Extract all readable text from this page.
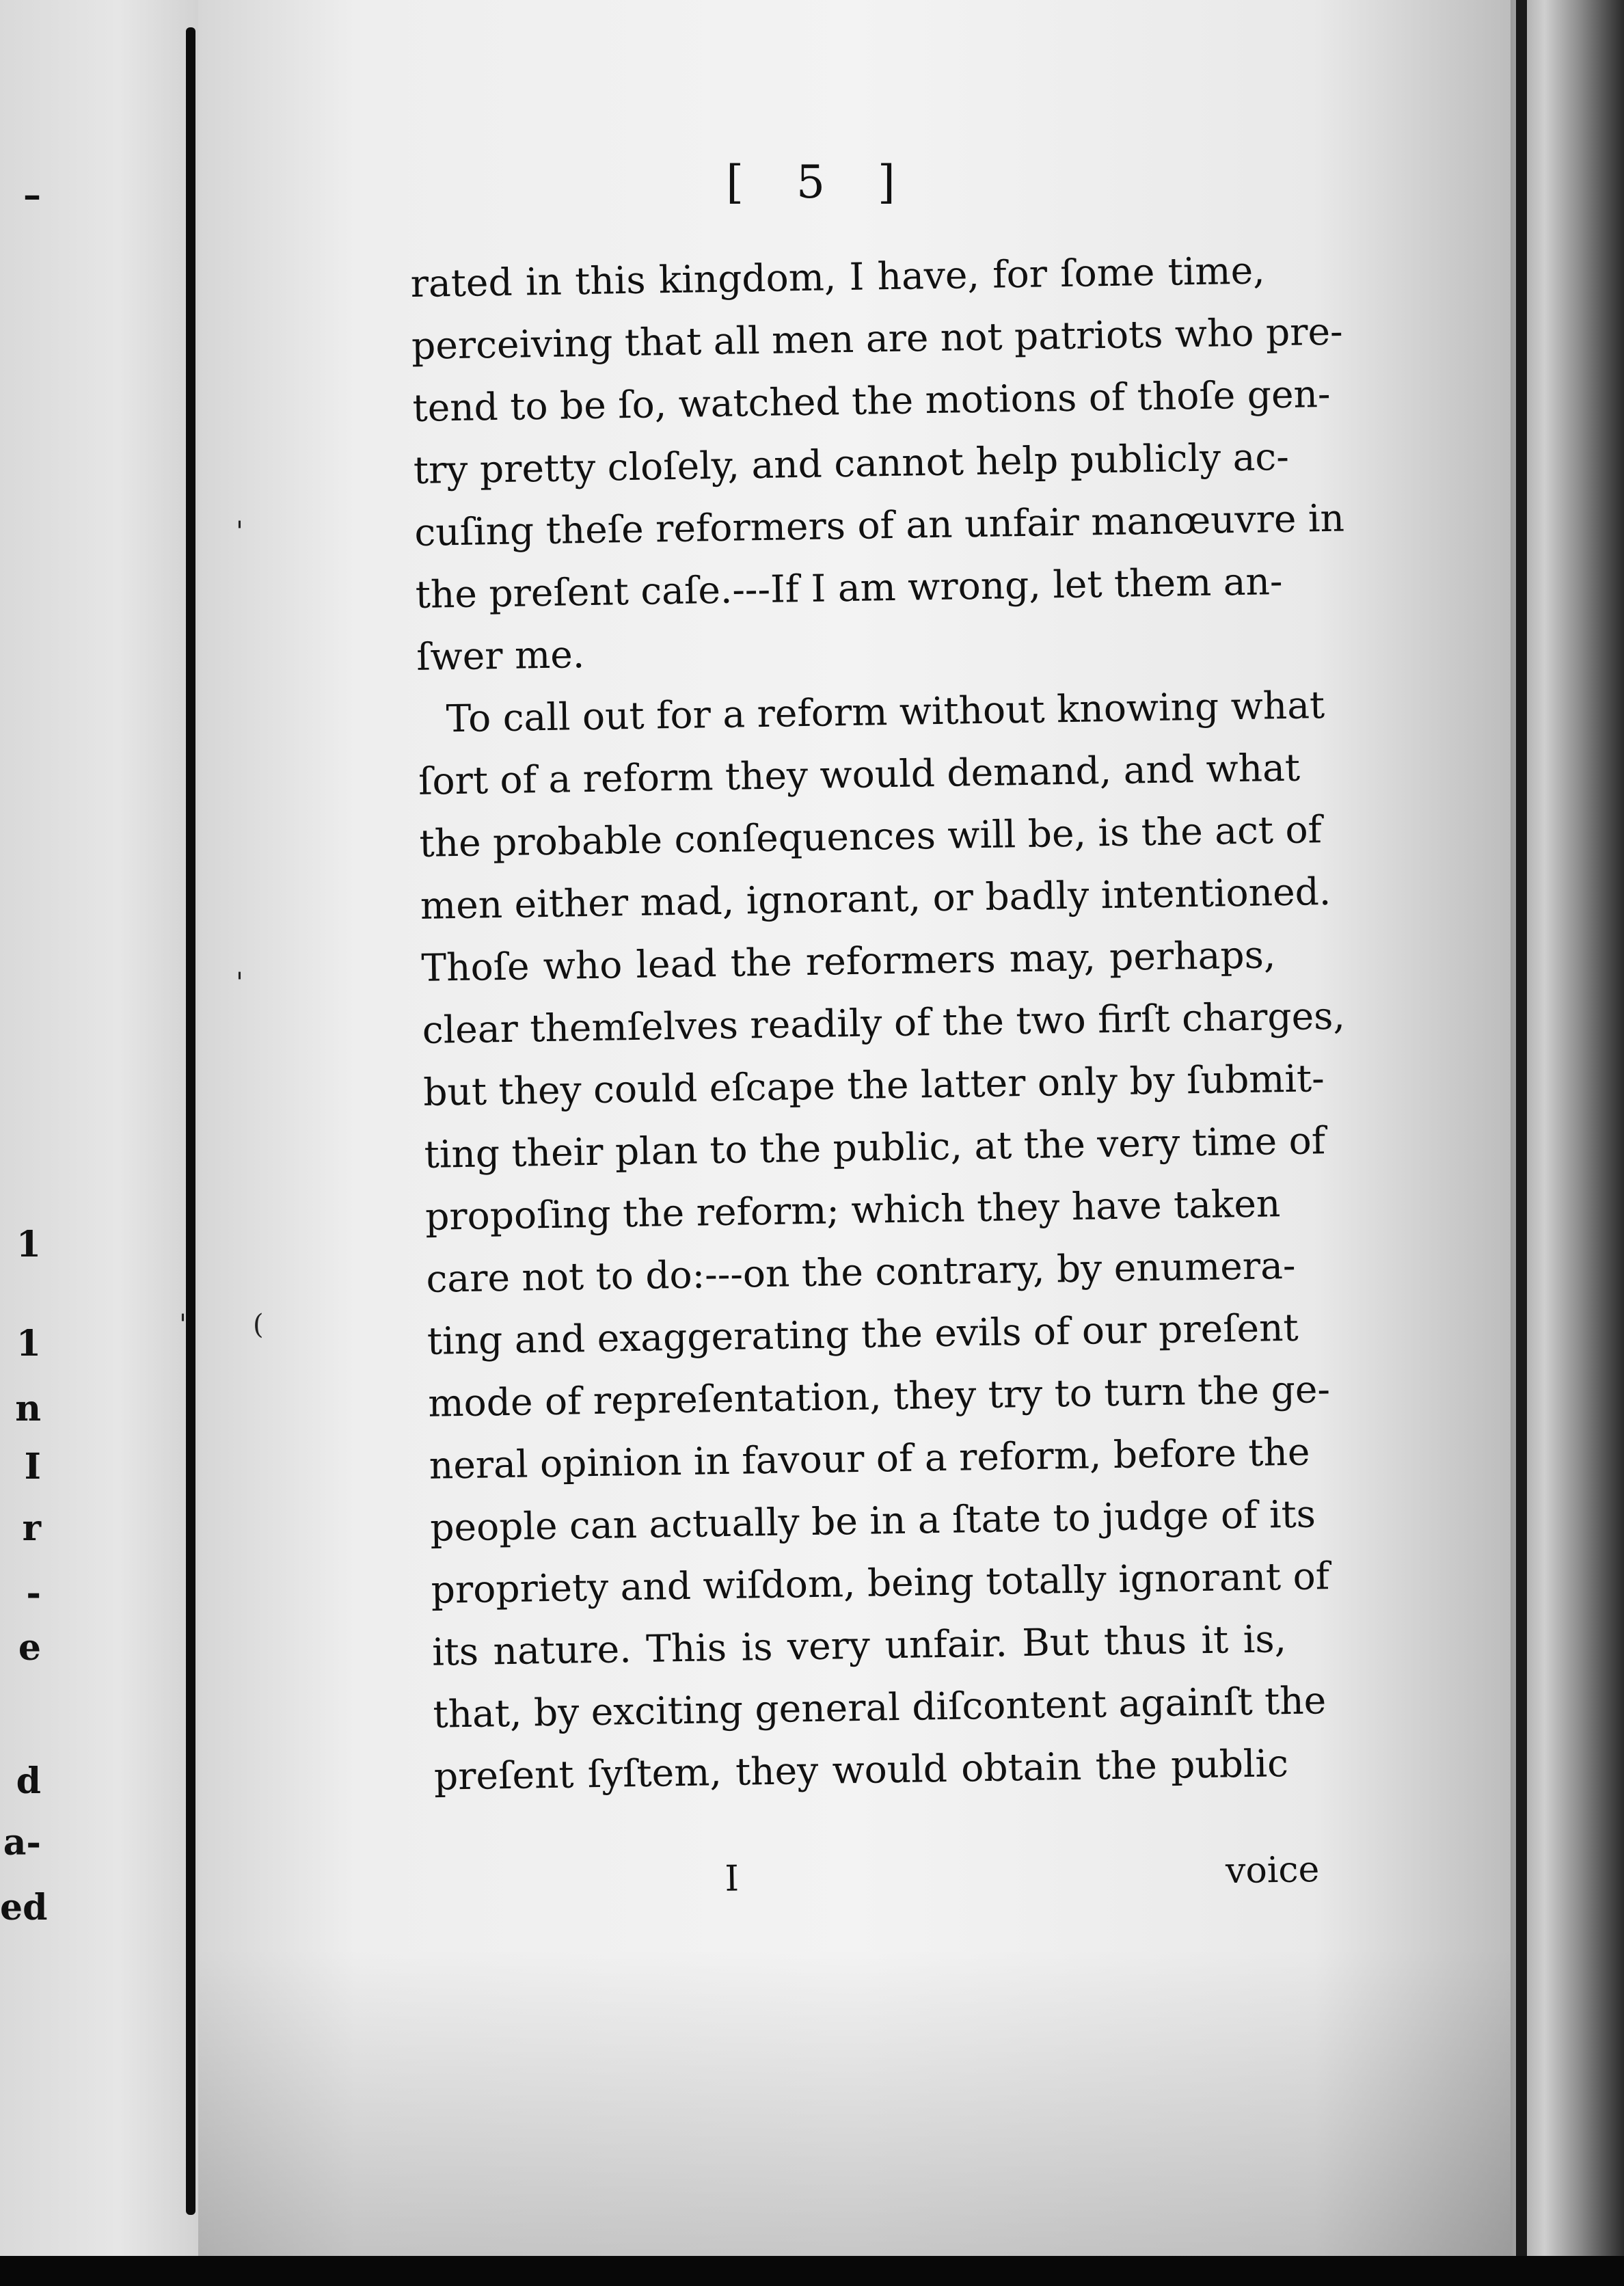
–
1
1
n
I
r
-
e
d
a-
ed
'
'
(
'
[ 5 ]
rated in this kingdom, I have, for ſome time,
perceiving that all men are not patriots who pre-
tend to be ſo, watched the motions of thoſe gen-
try pretty cloſely, and cannot help publicly ac-
cuſing theſe reformers of an unfair manœuvre in
the preſent caſe.---If I am wrong, let them an-
ſwer me.
To call out for a reform without knowing what
ſort of a reform they would demand, and what
the probable conſequences will be, is the act of
men either mad, ignorant, or badly intentioned.
Thoſe who lead the reformers may, perhaps,
clear themſelves readily of the two firſt charges,
but they could eſcape the latter only by ſubmit-
ting their plan to the public, at the very time of
propoſing the reform; which they have taken
care not to do:---on the contrary, by enumera-
ting and exaggerating the evils of our preſent
mode of repreſentation, they try to turn the ge-
neral opinion in favour of a reform, before the
people can actually be in a ſtate to judge of its
propriety and wiſdom, being totally ignorant of
its nature. This is very unfair. But thus it is,
that, by exciting general diſcontent againſt the
preſent ſyſtem, they would obtain the public
I	voice
